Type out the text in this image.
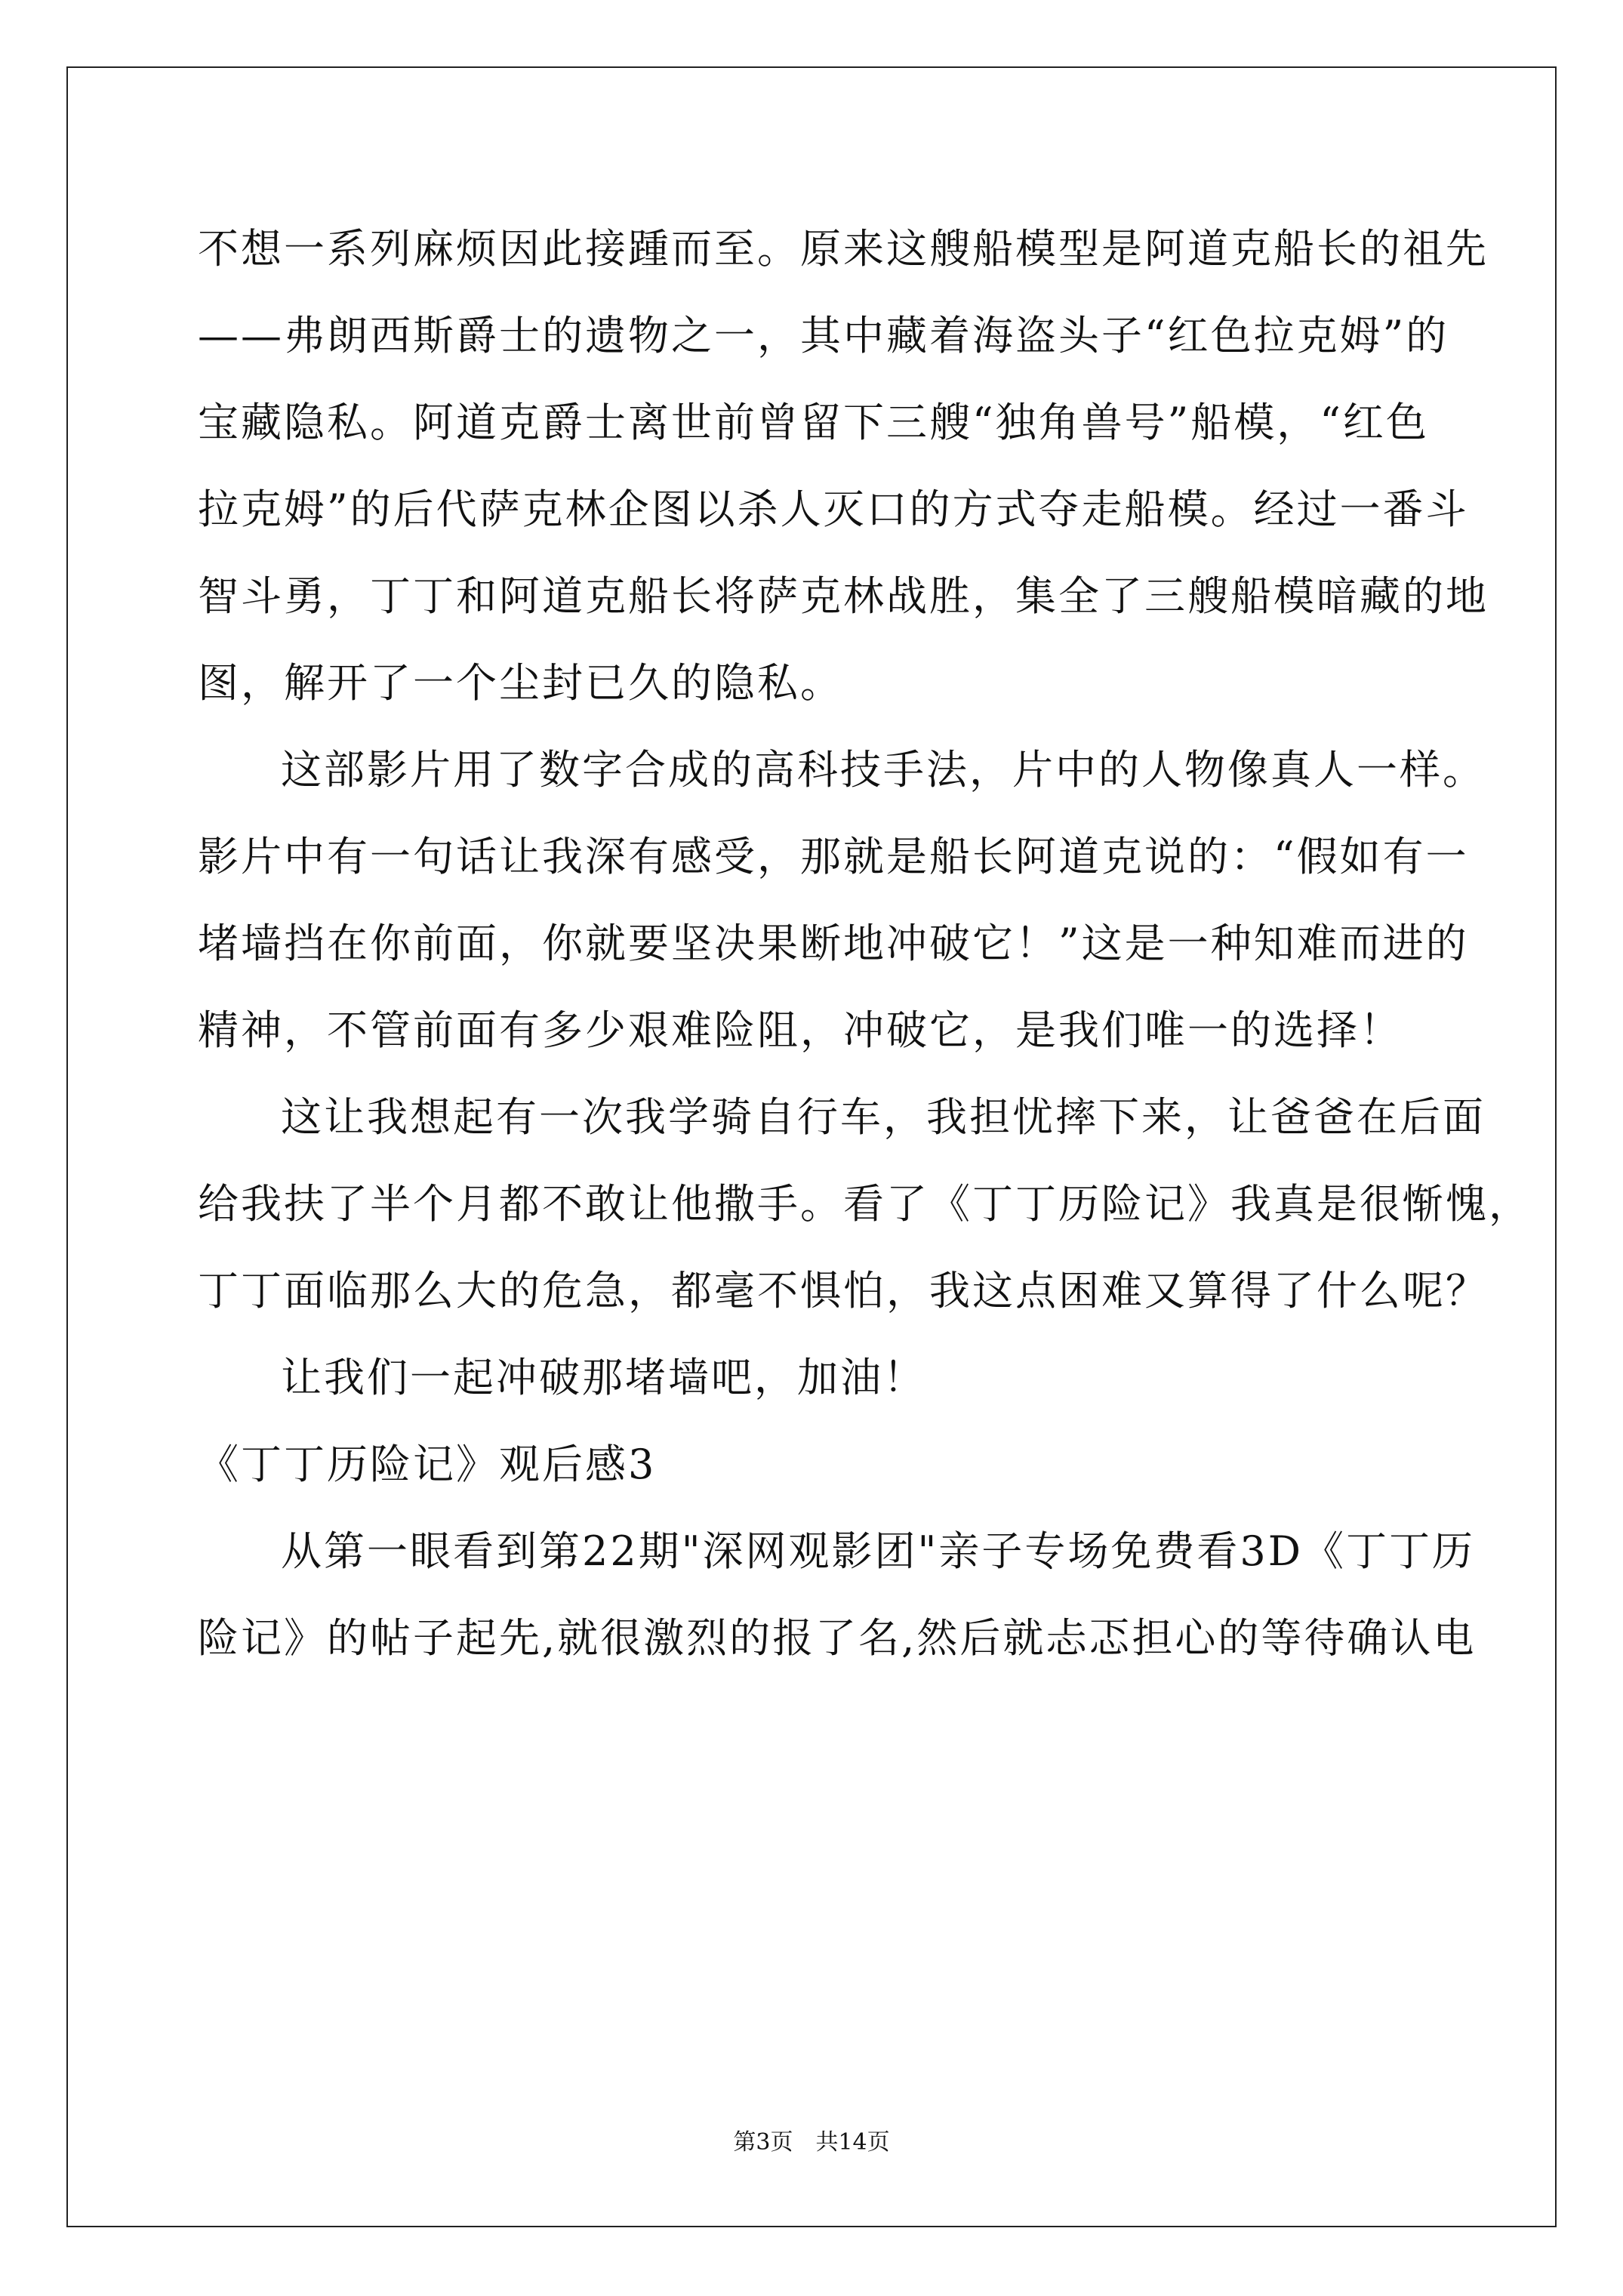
不想一系列麻烦因此接踵而至。原来这艘船模型是阿道克船长的祖先
——弗朗西斯爵士的遗物之一，其中藏着海盗头子“红色拉克姆”的
宝藏隐私。阿道克爵士离世前曾留下三艘“独角兽号”船模，“红色
拉克姆”的后代萨克林企图以杀人灭口的方式夺走船模。经过一番斗
智斗勇，丁丁和阿道克船长将萨克林战胜，集全了三艘船模暗藏的地
图，解开了一个尘封已久的隐私。
这部影片用了数字合成的高科技手法，片中的人物像真人一样。
影片中有一句话让我深有感受，那就是船长阿道克说的：“假如有一
堵墙挡在你前面，你就要坚决果断地冲破它！”这是一种知难而进的
精神，不管前面有多少艰难险阻，冲破它，是我们唯一的选择！
这让我想起有一次我学骑自行车，我担忧摔下来，让爸爸在后面
给我扶了半个月都不敢让他撒手。看了《丁丁历险记》我真是很惭愧，
丁丁面临那么大的危急，都毫不惧怕，我这点困难又算得了什么呢？
让我们一起冲破那堵墙吧，加油！
《丁丁历险记》观后感3
从第一眼看到第22期"深网观影团"亲子专场免费看3D《丁丁历
险记》的帖子起先,就很激烈的报了名,然后就忐忑担心的等待确认电
第3页　共14页
